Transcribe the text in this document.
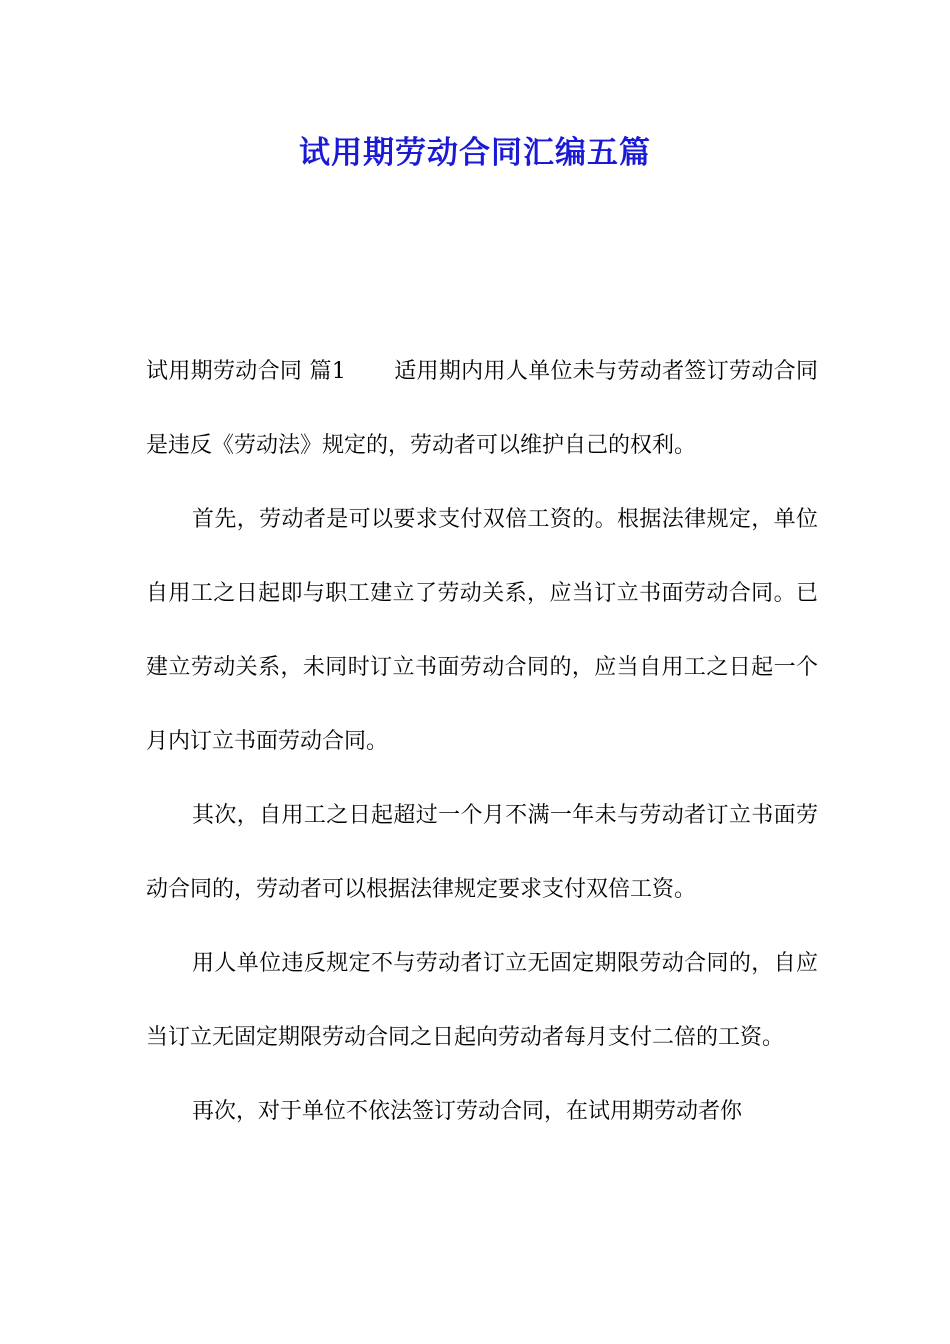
试用期劳动合同汇编五篇

试用期劳动合同 篇1 适用期内用人单位未与劳动者签订劳动合同是违反《劳动法》规定的，劳动者可以维护自己的权利。

首先，劳动者是可以要求支付双倍工资的。根据法律规定，单位自用工之日起即与职工建立了劳动关系，应当订立书面劳动合同。已建立劳动关系，未同时订立书面劳动合同的，应当自用工之日起一个月内订立书面劳动合同。

其次，自用工之日起超过一个月不满一年未与劳动者订立书面劳动合同的，劳动者可以根据法律规定要求支付双倍工资。

用人单位违反规定不与劳动者订立无固定期限劳动合同的，自应当订立无固定期限劳动合同之日起向劳动者每月支付二倍的工资。

再次，对于单位不依法签订劳动合同，在试用期劳动者你
